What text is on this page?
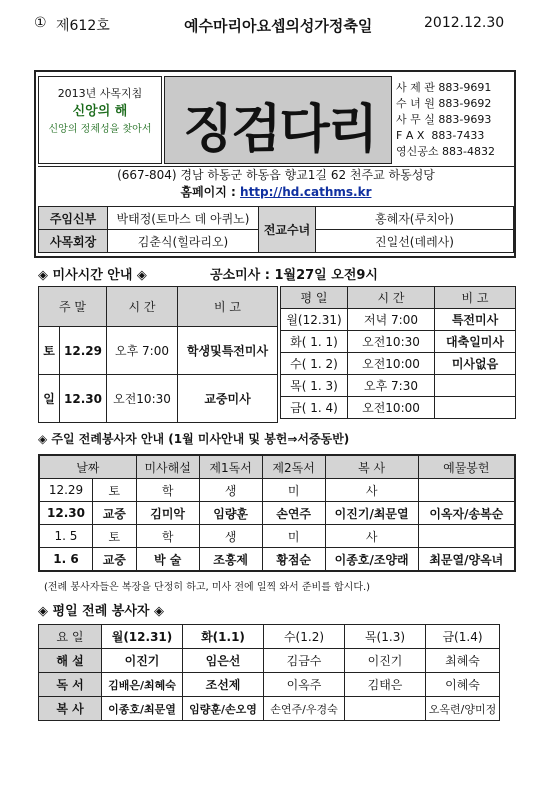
① 제612호	예수마리아요셉의성가정축일	2012.12.30
2013년 사목지침
신앙의 해
신앙의 정체성을 찾아서 징검다리
사 제 관 883-9691
수 녀 원 883-9692
사 무 실 883-9693
F A X 883-7433
영신공소 883-4832
(667-804) 경남 하동군 하동읍 향교1길 62 천주교 하동성당
홈페이지 : http://hd.cathms.kr
주임신부	박태정(토마스 데 아퀴노)	전교수녀	홍혜자(루치아)
사목회장	김춘식(힐라리오)		진일선(데레사)
◈ 미사시간 안내 ◈	공소미사 : 1월27일 오전9시
주 말		시 간	비 고
토	12.29	오후 7:00	학생및특전미사
일	12.30	오전10:30	교중미사
평 일	시 간	비 고
월(12.31)	저녁 7:00	특전미사
화( 1. 1)	오전10:30	대축일미사
수( 1. 2)	오전10:00	미사없음
목( 1. 3)	오후 7:30	
금( 1. 4)	오전10:00	
◈ 주일 전례봉사자 안내 (1월 미사안내 및 봉헌⇒서중동반)
날짜		미사해설	제1독서	제2독서	복 사	예물봉헌
12.29	토	학	생	미	사	
12.30	교중	김미악	임량훈	손연주	이진기/최문열	이옥자/송복순
1. 5	토	학	생	미	사	
1. 6	교중	박 술	조홍제	황점순	이종호/조양래	최문열/양옥녀
(전례 봉사자들은 복장을 단정히 하고, 미사 전에 일찍 와서 준비를 합시다.)
◈ 평일 전례 봉사자 ◈
요 일	월(12.31)	화(1.1)	수(1.2)	목(1.3)	금(1.4)
해 설	이진기	임은선	김금수	이진기	최혜숙
독 서	김배은/최혜숙	조선제	이옥주	김태은	이혜숙
복 사	이종호/최문열	임량훈/손오영	손연주/우경숙		오옥련/양미정
